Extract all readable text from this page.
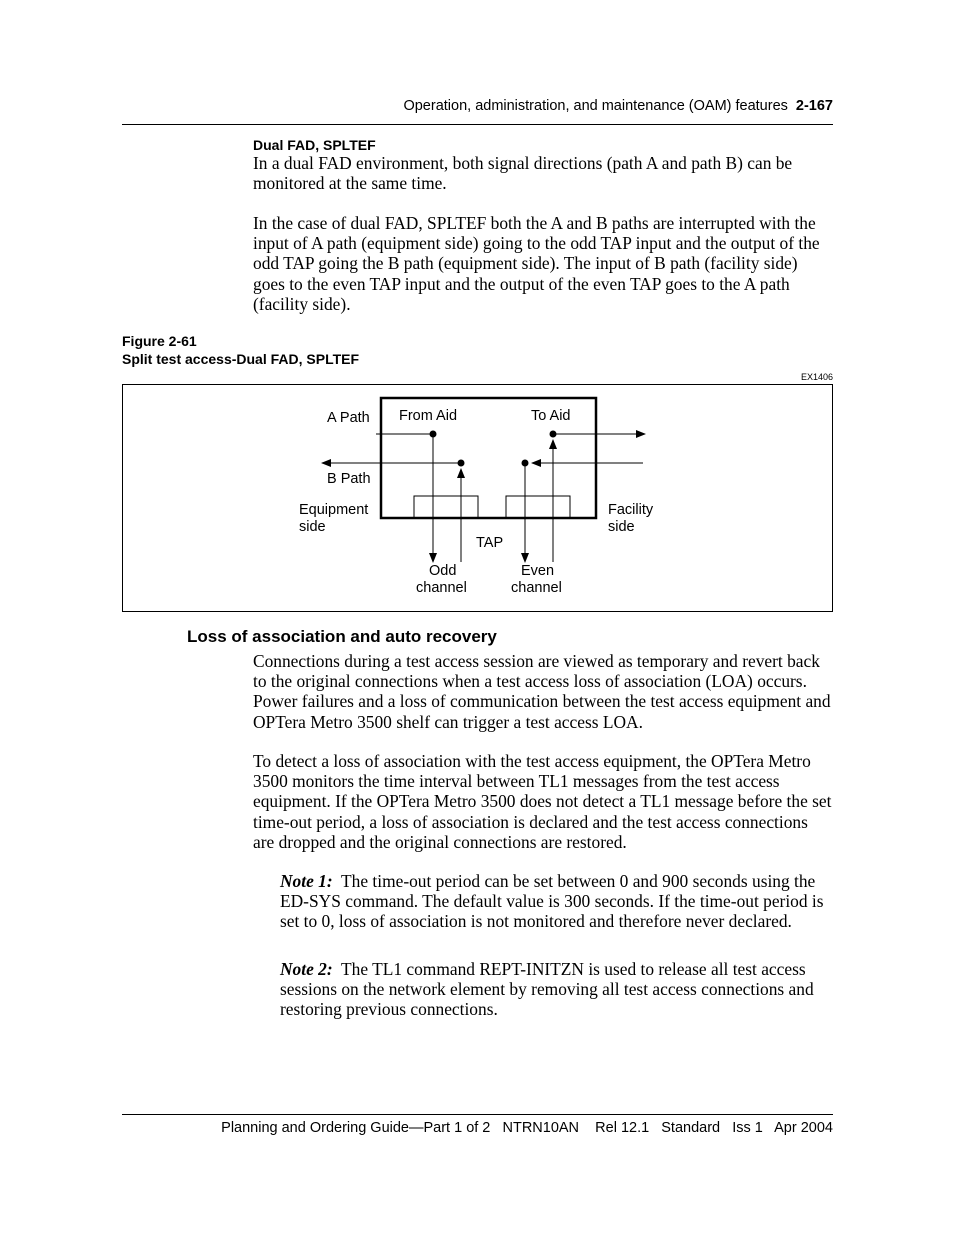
Operation, administration, and maintenance (OAM) features 2-167
Dual FAD, SPLTEF
In a dual FAD environment, both signal directions (path A and path B) can be monitored at the same time.
In the case of dual FAD, SPLTEF both the A and B paths are interrupted with the input of A path (equipment side) going to the odd TAP input and the output of the odd TAP going the B path (equipment side). The input of B path (facility side) goes to the even TAP input and the output of the even TAP goes to the A path (facility side).
Figure 2-61
Split test access-Dual FAD, SPLTEF
EX1406
A Path
B Path
From Aid	To Aid
Equipment
side
Facility
side
TAP
Odd
channel
Even
channel
Loss of association and auto recovery
Connections during a test access session are viewed as temporary and revert back to the original connections when a test access loss of association (LOA) occurs. Power failures and a loss of communication between the test access equipment and OPTera Metro 3500 shelf can trigger a test access LOA.
To detect a loss of association with the test access equipment, the OPTera Metro 3500 monitors the time interval between TL1 messages from the test access equipment. If the OPTera Metro 3500 does not detect a TL1 message before the set time-out period, a loss of association is declared and the test access connections are dropped and the original connections are restored.
Note 1: The time-out period can be set between 0 and 900 seconds using the ED-SYS command. The default value is 300 seconds. If the time-out period is set to 0, loss of association is not monitored and therefore never declared.
Note 2: The TL1 command REPT-INITZN is used to release all test access sessions on the network element by removing all test access connections and restoring previous connections.
Planning and Ordering Guide—Part 1 of 2 NTRN10AN Rel 12.1 Standard Iss 1 Apr 2004
